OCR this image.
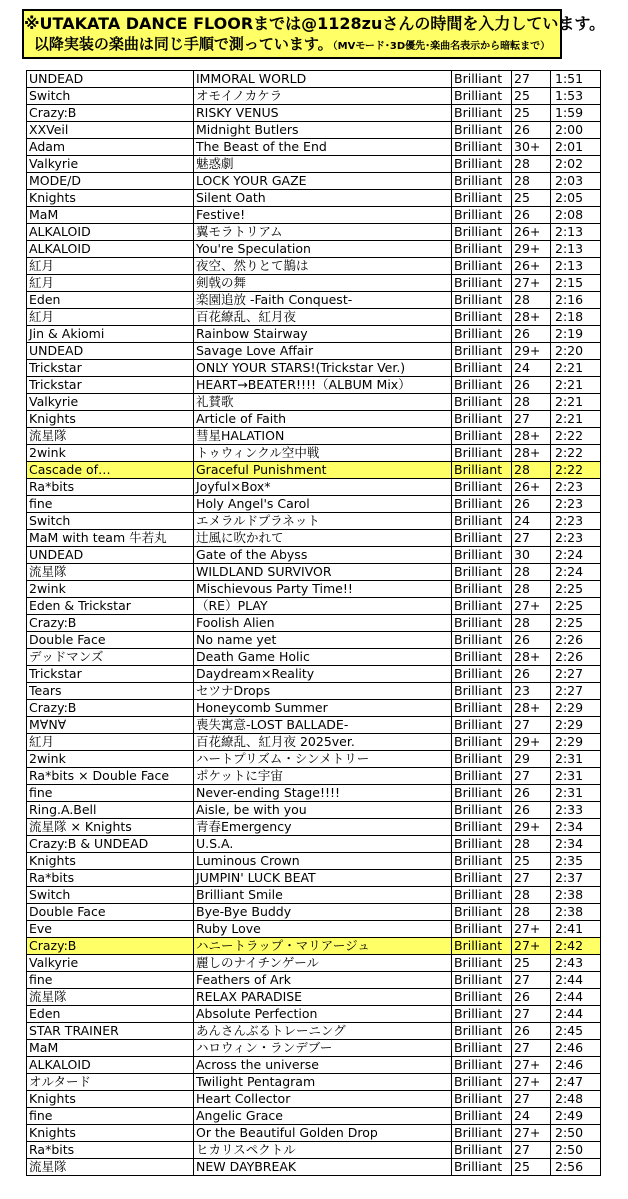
※UTAKATA DANCE FLOORまでは@1128zuさんの時間を入力しています。
以降実装の楽曲は同じ手順で測っています。（MVモード･3D優先･楽曲名表示から暗転まで）
UNDEAD	IMMORAL WORLD	Brilliant	27	1:51
Switch	オモイノカケラ	Brilliant	25	1:53
Crazy:B	RISKY VENUS	Brilliant	25	1:59
XXVeil	Midnight Butlers	Brilliant	26	2:00
Adam	The Beast of the End	Brilliant	30+	2:01
Valkyrie	魅惑劇	Brilliant	28	2:02
MODE/D	LOCK YOUR GAZE	Brilliant	28	2:03
Knights	Silent Oath	Brilliant	25	2:05
MaM	Festive!	Brilliant	26	2:08
ALKALOID	翼モラトリアム	Brilliant	26+	2:13
ALKALOID	You're Speculation	Brilliant	29+	2:13
紅月	夜空、然りとて鵲は	Brilliant	26+	2:13
紅月	剣戟の舞	Brilliant	27+	2:15
Eden	楽園追放 -Faith Conquest-	Brilliant	28	2:16
紅月	百花繚乱、紅月夜	Brilliant	28+	2:18
Jin & Akiomi	Rainbow Stairway	Brilliant	26	2:19
UNDEAD	Savage Love Affair	Brilliant	29+	2:20
Trickstar	ONLY YOUR STARS!(Trickstar Ver.)	Brilliant	24	2:21
Trickstar	HEART→BEATER!!!!（ALBUM Mix）	Brilliant	26	2:21
Valkyrie	礼賛歌	Brilliant	28	2:21
Knights	Article of Faith	Brilliant	27	2:21
流星隊	彗星HALATION	Brilliant	28+	2:22
2wink	トゥウィンクル空中戦	Brilliant	28+	2:22
Cascade of…	Graceful Punishment	Brilliant	28	2:22
Ra*bits	Joyful×Box*	Brilliant	26+	2:23
fine	Holy Angel's Carol	Brilliant	26	2:23
Switch	エメラルドプラネット	Brilliant	24	2:23
MaM with team 牛若丸	辻風に吹かれて	Brilliant	27	2:23
UNDEAD	Gate of the Abyss	Brilliant	30	2:24
流星隊	WILDLAND SURVIVOR	Brilliant	28	2:24
2wink	Mischievous Party Time!!	Brilliant	28	2:25
Eden & Trickstar	（RE）PLAY	Brilliant	27+	2:25
Crazy:B	Foolish Alien	Brilliant	28	2:25
Double Face	No name yet	Brilliant	26	2:26
デッドマンズ	Death Game Holic	Brilliant	28+	2:26
Trickstar	Daydream×Reality	Brilliant	26	2:27
Tears	セツナDrops	Brilliant	23	2:27
Crazy:B	Honeycomb Summer	Brilliant	28+	2:29
M∀N∀	喪失寓意-LOST BALLADE-	Brilliant	27	2:29
紅月	百花繚乱、紅月夜 2025ver.	Brilliant	29+	2:29
2wink	ハートプリズム・シンメトリー	Brilliant	29	2:31
Ra*bits × Double Face	ポケットに宇宙	Brilliant	27	2:31
fine	Never-ending Stage!!!!	Brilliant	26	2:31
Ring.A.Bell	Aisle, be with you	Brilliant	26	2:33
流星隊 × Knights	青春Emergency	Brilliant	29+	2:34
Crazy:B & UNDEAD	U.S.A.	Brilliant	28	2:34
Knights	Luminous Crown	Brilliant	25	2:35
Ra*bits	JUMPIN' LUCK BEAT	Brilliant	27	2:37
Switch	Brilliant Smile	Brilliant	28	2:38
Double Face	Bye-Bye Buddy	Brilliant	28	2:38
Eve	Ruby Love	Brilliant	27+	2:41
Crazy:B	ハニートラップ・マリアージュ	Brilliant	27+	2:42
Valkyrie	麗しのナイチンゲール	Brilliant	25	2:43
fine	Feathers of Ark	Brilliant	27	2:44
流星隊	RELAX PARADISE	Brilliant	26	2:44
Eden	Absolute Perfection	Brilliant	27	2:44
STAR TRAINER	あんさんぶるトレーニング	Brilliant	26	2:45
MaM	ハロウィン・ランデブー	Brilliant	27	2:46
ALKALOID	Across the universe	Brilliant	27+	2:46
オルタード	Twilight Pentagram	Brilliant	27+	2:47
Knights	Heart Collector	Brilliant	27	2:48
fine	Angelic Grace	Brilliant	24	2:49
Knights	Or the Beautiful Golden Drop	Brilliant	27+	2:50
Ra*bits	ヒカリスペクトル	Brilliant	27	2:50
流星隊	NEW DAYBREAK	Brilliant	25	2:56
